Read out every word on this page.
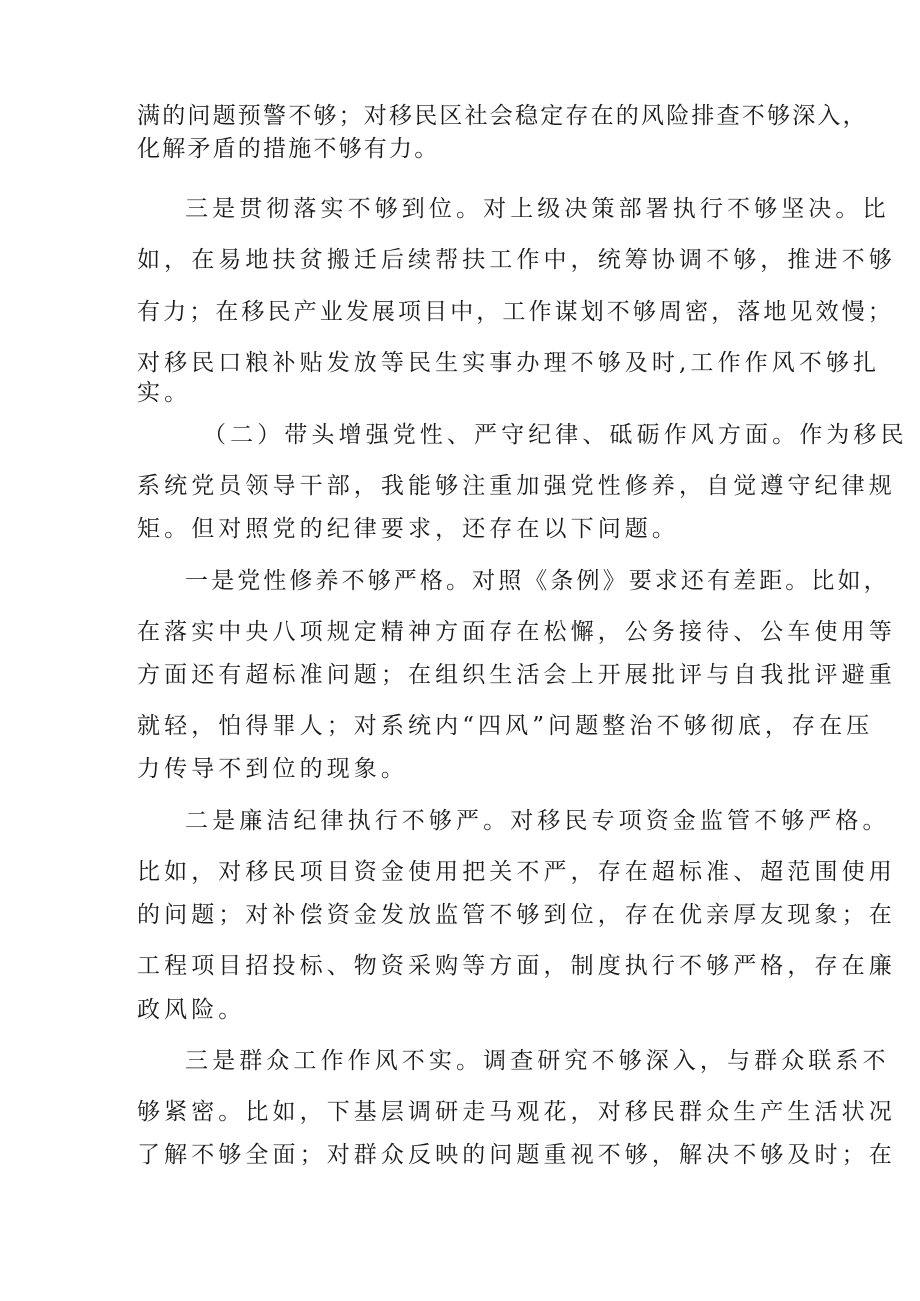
满的问题预警不够；对移民区社会稳定存在的风险排查不够深入，
化解矛盾的措施不够有力。
三是贯彻落实不够到位。对上级决策部署执行不够坚决。比
如，在易地扶贫搬迁后续帮扶工作中，统筹协调不够，推进不够
有力；在移民产业发展项目中，工作谋划不够周密，落地见效慢；
对移民口粮补贴发放等民生实事办理不够及时,工作作风不够扎
实。
（二）带头增强党性、严守纪律、砥砺作风方面。作为移民
系统党员领导干部，我能够注重加强党性修养，自觉遵守纪律规
矩。但对照党的纪律要求，还存在以下问题。
一是党性修养不够严格。对照《条例》要求还有差距。比如，
在落实中央八项规定精神方面存在松懈，公务接待、公车使用等
方面还有超标准问题；在组织生活会上开展批评与自我批评避重
就轻，怕得罪人；对系统内“四风”问题整治不够彻底，存在压
力传导不到位的现象。
二是廉洁纪律执行不够严。对移民专项资金监管不够严格。
比如，对移民项目资金使用把关不严，存在超标准、超范围使用
的问题；对补偿资金发放监管不够到位，存在优亲厚友现象；在
工程项目招投标、物资采购等方面，制度执行不够严格，存在廉
政风险。
三是群众工作作风不实。调查研究不够深入，与群众联系不
够紧密。比如，下基层调研走马观花，对移民群众生产生活状况
了解不够全面；对群众反映的问题重视不够，解决不够及时；在
